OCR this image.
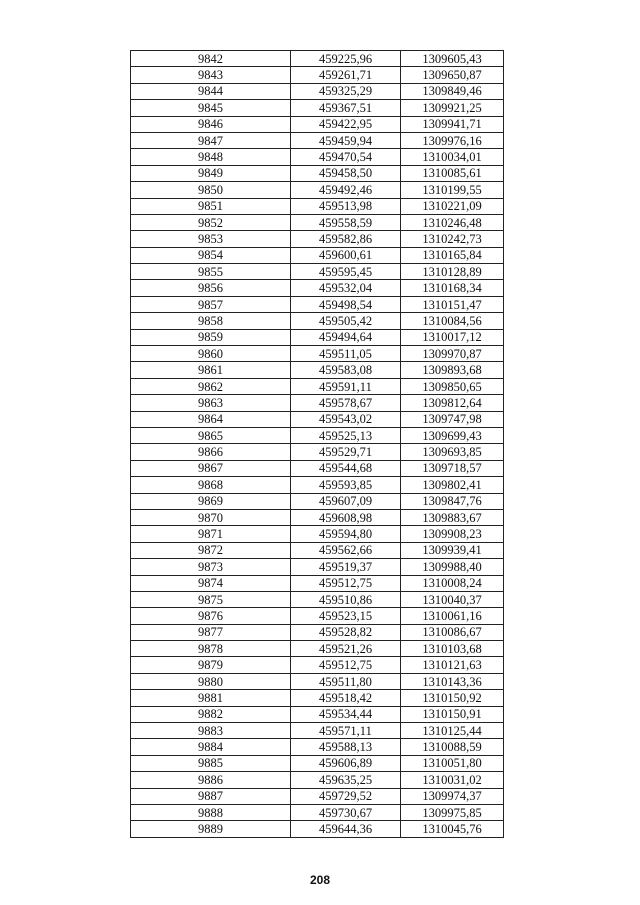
9842	459225,96	1309605,43
9843	459261,71	1309650,87
9844	459325,29	1309849,46
9845	459367,51	1309921,25
9846	459422,95	1309941,71
9847	459459,94	1309976,16
9848	459470,54	1310034,01
9849	459458,50	1310085,61
9850	459492,46	1310199,55
9851	459513,98	1310221,09
9852	459558,59	1310246,48
9853	459582,86	1310242,73
9854	459600,61	1310165,84
9855	459595,45	1310128,89
9856	459532,04	1310168,34
9857	459498,54	1310151,47
9858	459505,42	1310084,56
9859	459494,64	1310017,12
9860	459511,05	1309970,87
9861	459583,08	1309893,68
9862	459591,11	1309850,65
9863	459578,67	1309812,64
9864	459543,02	1309747,98
9865	459525,13	1309699,43
9866	459529,71	1309693,85
9867	459544,68	1309718,57
9868	459593,85	1309802,41
9869	459607,09	1309847,76
9870	459608,98	1309883,67
9871	459594,80	1309908,23
9872	459562,66	1309939,41
9873	459519,37	1309988,40
9874	459512,75	1310008,24
9875	459510,86	1310040,37
9876	459523,15	1310061,16
9877	459528,82	1310086,67
9878	459521,26	1310103,68
9879	459512,75	1310121,63
9880	459511,80	1310143,36
9881	459518,42	1310150,92
9882	459534,44	1310150,91
9883	459571,11	1310125,44
9884	459588,13	1310088,59
9885	459606,89	1310051,80
9886	459635,25	1310031,02
9887	459729,52	1309974,37
9888	459730,67	1309975,85
9889	459644,36	1310045,76
208
